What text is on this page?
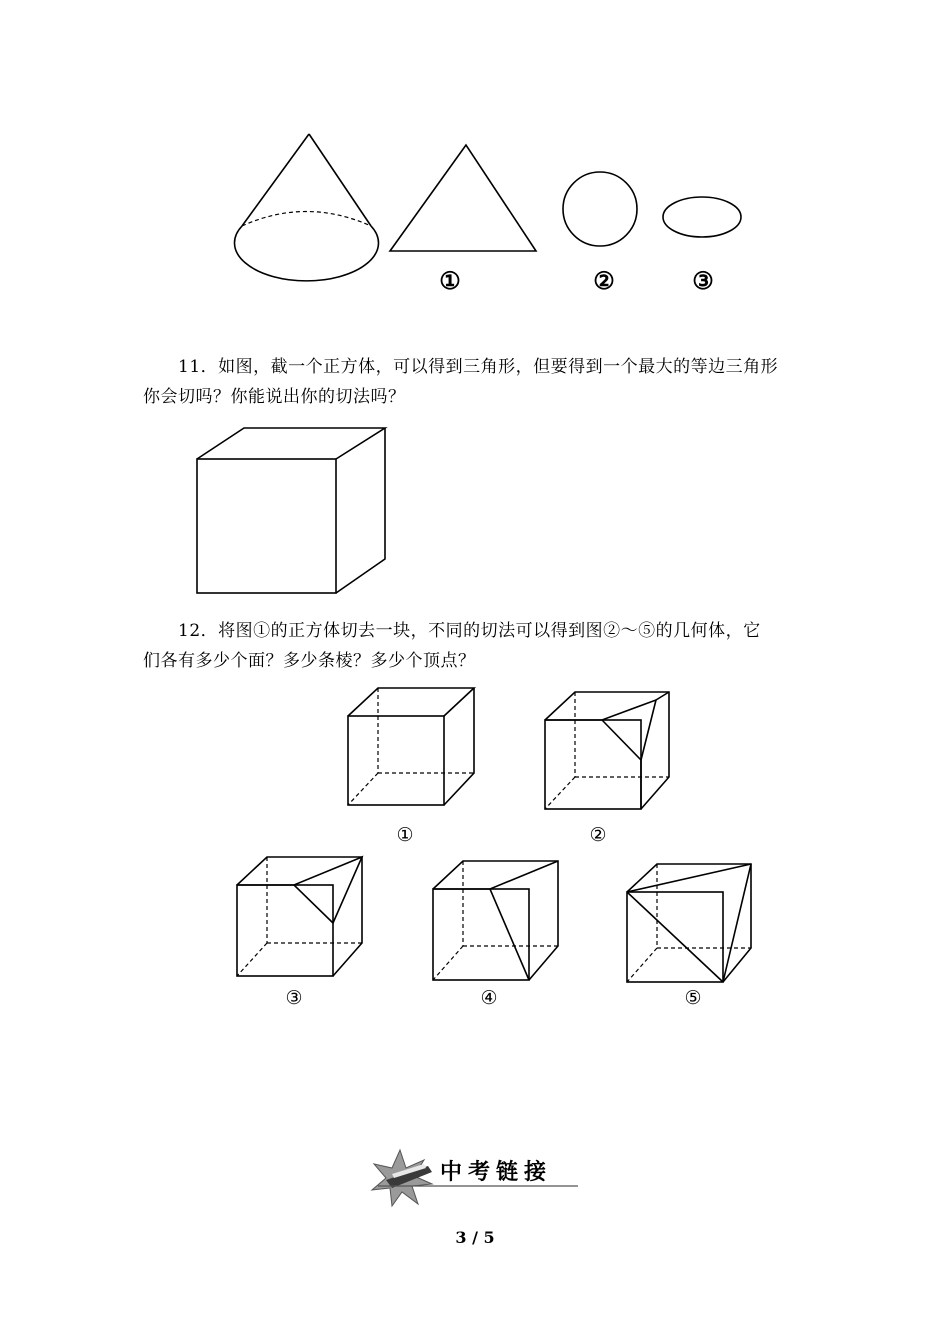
①	②	③
11．如图，截一个正方体，可以得到三角形，但要得到一个最大的等边三角形
你会切吗？你能说出你的切法吗？
12．将图①的正方体切去一块，不同的切法可以得到图②～⑤的几何体，它
们各有多少个面？多少条棱？多少个顶点？
①	②
③	④	⑤
中考链接
3 / 5
